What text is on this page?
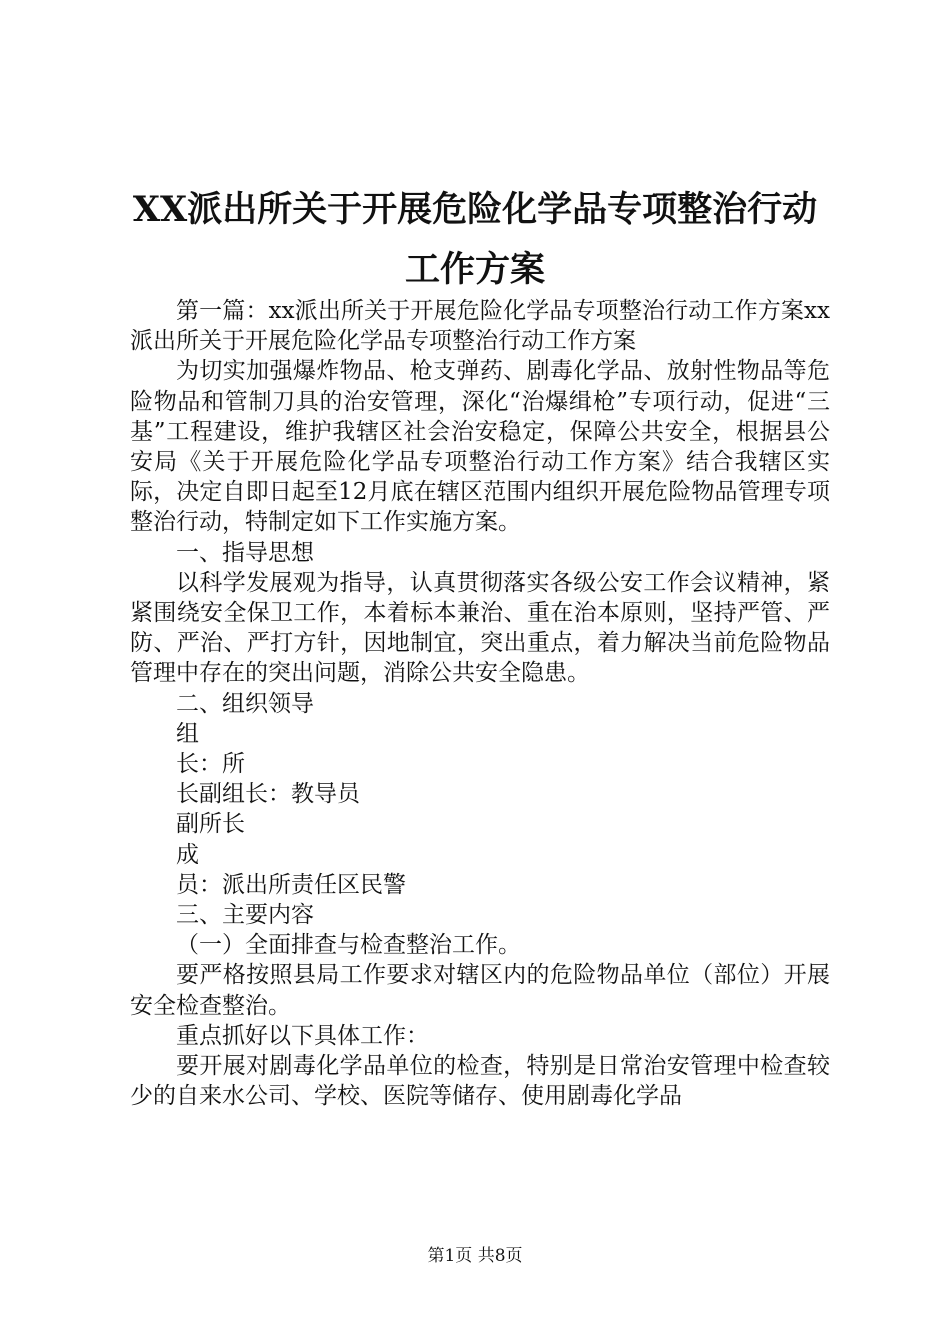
XX派出所关于开展危险化学品专项整治行动
工作方案

第一篇：xx派出所关于开展危险化学品专项整治行动工作方案xx派出所关于开展危险化学品专项整治行动工作方案

为切实加强爆炸物品、枪支弹药、剧毒化学品、放射性物品等危险物品和管制刀具的治安管理，深化“治爆缉枪”专项行动，促进“三基”工程建设，维护我辖区社会治安稳定，保障公共安全，根据县公安局《关于开展危险化学品专项整治行动工作方案》结合我辖区实际，决定自即日起至12月底在辖区范围内组织开展危险物品管理专项整治行动，特制定如下工作实施方案。

一、指导思想

以科学发展观为指导，认真贯彻落实各级公安工作会议精神，紧紧围绕安全保卫工作，本着标本兼治、重在治本原则，坚持严管、严防、严治、严打方针，因地制宜，突出重点，着力解决当前危险物品管理中存在的突出问题，消除公共安全隐患。

二、组织领导

组

长：所

长副组长：教导员

副所长

成

员：派出所责任区民警

三、主要内容

（一）全面排查与检查整治工作。

要严格按照县局工作要求对辖区内的危险物品单位（部位）开展安全检查整治。

重点抓好以下具体工作：

要开展对剧毒化学品单位的检查，特别是日常治安管理中检查较少的自来水公司、学校、医院等储存、使用剧毒化学品

第1页 共8页
